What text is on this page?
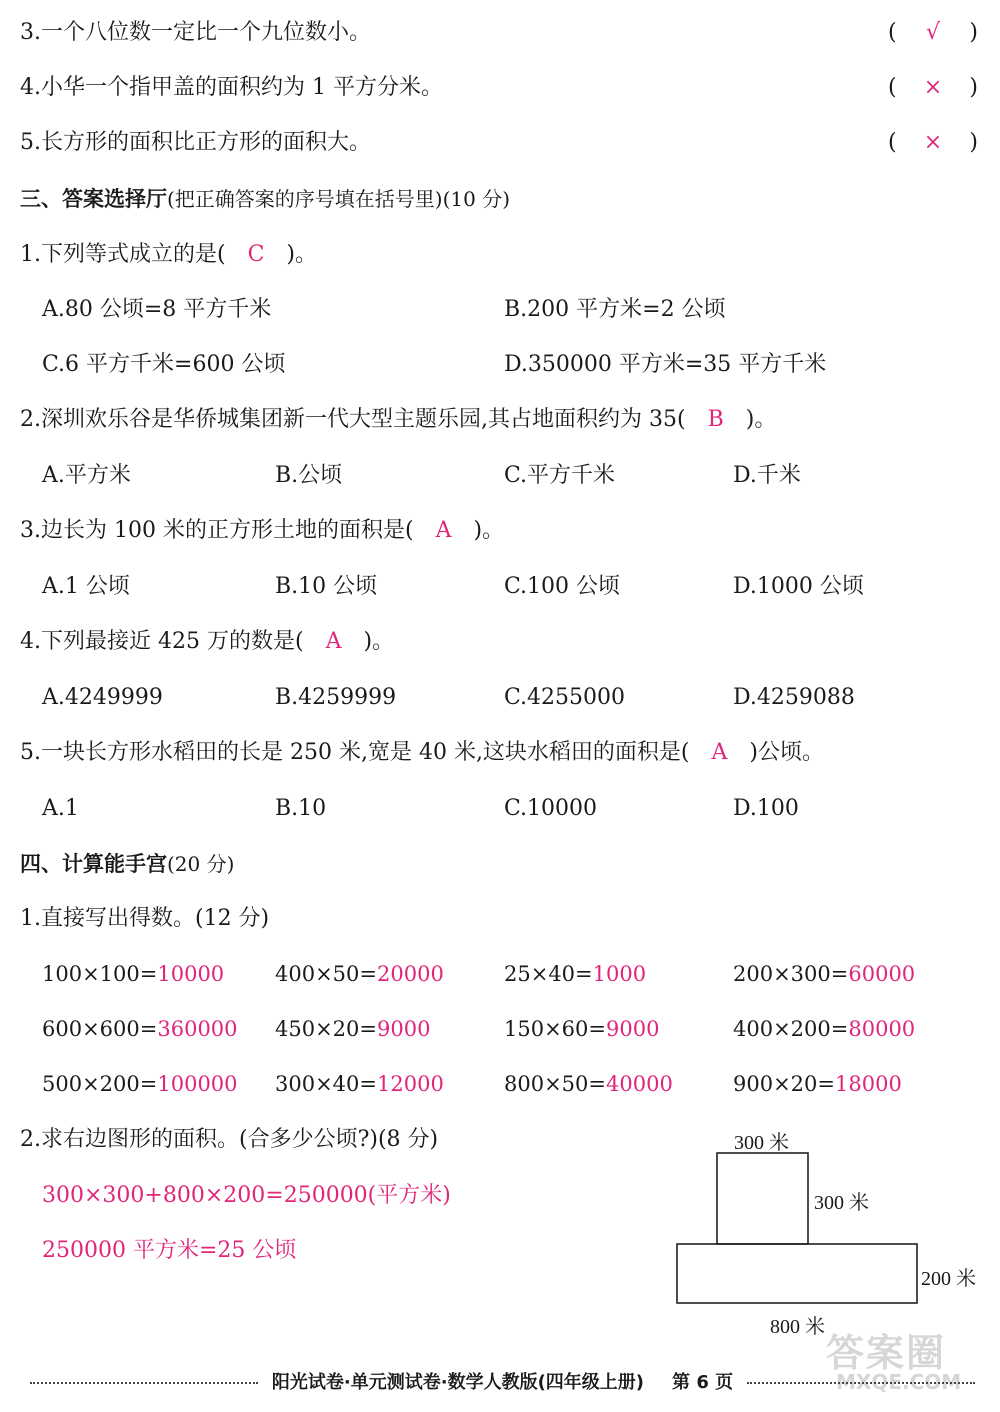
3.一个八位数一定比一个九位数小。	( √ )
4.小华一个指甲盖的面积约为 1 平方分米。	( × )
5.长方形的面积比正方形的面积大。	( × )
三、答案选择厅(把正确答案的序号填在括号里)(10 分)
1.下列等式成立的是( C )。
A.80 公顷=8 平方千米	B.200 平方米=2 公顷
C.6 平方千米=600 公顷	D.350000 平方米=35 平方千米
2.深圳欢乐谷是华侨城集团新一代大型主题乐园,其占地面积约为 35( B )。
A.平方米	B.公顷	C.平方千米	D.千米
3.边长为 100 米的正方形土地的面积是( A )。
A.1 公顷	B.10 公顷	C.100 公顷	D.1000 公顷
4.下列最接近 425 万的数是( A )。
A.4249999	B.4259999	C.4255000	D.4259088
5.一块长方形水稻田的长是 250 米,宽是 40 米,这块水稻田的面积是( A )公顷。
A.1	B.10	C.10000	D.100
四、计算能手宫(20 分)
1.直接写出得数。(12 分)
100×100=10000 400×50=20000	25×40=1000	200×300=60000
600×600=360000 450×20=9000	150×60=9000	400×200=80000
500×200=100000 300×40=12000	800×50=40000	900×20=18000
2.求右边图形的面积。(合多少公顷?)(8 分)
300×300+800×200=250000(平方米)
250000 平方米=25 公顷
300 米
300 米
200 米
800 米
答案圈
MXQE.COM
阳光试卷·单元测试卷·数学人教版(四年级上册)	第 6 页
